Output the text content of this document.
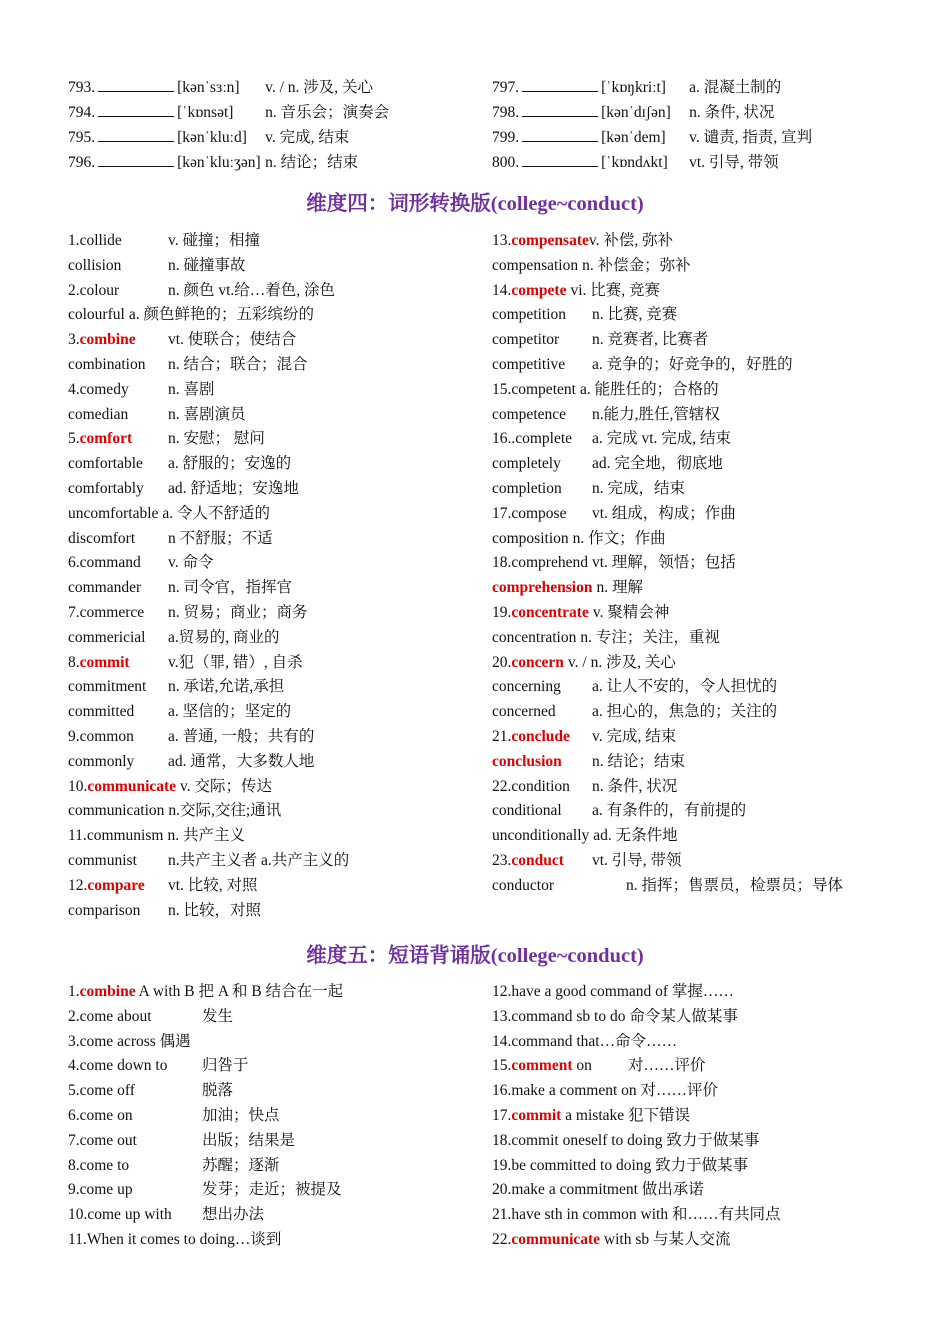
793.	[kənˈsɜːn] v. / n. 涉及, 关心
794.	[ˈkɒnsət] n. 音乐会；演奏会
795.	[kənˈkluːd] v. 完成, 结束
796.	[kənˈkluːʒən] n. 结论；结束
797.	[ˈkɒŋkriːt] a. 混凝土制的
798.	[kənˈdɪʃən] n. 条件, 状况
799.	[kənˈdem] v. 谴责, 指责, 宣判
800.	[ˈkɒndʌkt] vt. 引导, 带领
维度四：词形转换版(college~conduct)
1.collide	v. 碰撞；相撞
collision	n. 碰撞事故
2.colour	n. 颜色 vt.给…着色, 涂色
colourful a. 颜色鲜艳的；五彩缤纷的
3.combine vt. 使联合；使结合
combination n. 结合；联合；混合
4.comedy	n. 喜剧
comedian	n. 喜剧演员
5.comfort n. 安慰； 慰问
comfortable a. 舒服的；安逸的
comfortably ad. 舒适地；安逸地
uncomfortable a. 令人不舒适的
discomfort n 不舒服；不适
6.command v. 命令
commander n. 司令官，指挥官
7.commerce n. 贸易；商业；商务
commericial a.贸易的, 商业的
8.commit v.犯（罪, 错）, 自杀
commitment n. 承诺,允诺,承担
committed a. 坚信的；坚定的
9.common a. 普通, 一般；共有的
commonly ad. 通常，大多数人地
10.communicate v. 交际；传达
communication n.交际,交往;通讯
11.communism n. 共产主义
communist n.共产主义者 a.共产主义的
12.compare vt. 比较, 对照
comparison n. 比较，对照
13.compensatev. 补偿, 弥补
compensation n. 补偿金；弥补
14.compete vi. 比赛, 竞赛
competition n. 比赛, 竞赛
competitor n. 竞赛者, 比赛者
competitive a. 竞争的；好竞争的，好胜的
15.competent a. 能胜任的；合格的
competence n.能力,胜任,管辖权
16..complete a. 完成 vt. 完成, 结束
completely ad. 完全地，彻底地
completion n. 完成，结束
17.compose vt. 组成，构成；作曲
composition n. 作文；作曲
18.comprehend vt. 理解，领悟；包括
comprehension n. 理解
19.concentrate v. 聚精会神
concentration n. 专注；关注，重视
20.concern v. / n. 涉及, 关心
concerning a. 让人不安的，令人担忧的
concerned a. 担心的，焦急的；关注的
21.conclude v. 完成, 结束
conclusion n. 结论；结束
22.condition n. 条件, 状况
conditional a. 有条件的，有前提的
unconditionally ad. 无条件地
23.conduct vt. 引导, 带领
conductor	n. 指挥；售票员，检票员；导体
维度五：短语背诵版(college~conduct)
1.combine A with B 把 A 和 B 结合在一起
2.come about	发生
3.come across 偶遇
4.come down to 归咎于
5.come off	脱落
6.come on	加油；快点
7.come out	出版；结果是
8.come to	苏醒；逐渐
9.come up	发芽；走近；被提及
10.come up with 想出办法
11.When it comes to doing…谈到
12.have a good command of 掌握……
13.command sb to do 命令某人做某事
14.command that…命令……
15.comment on 对……评价
16.make a comment on 对……评价
17.commit a mistake 犯下错误
18.commit oneself to doing 致力于做某事
19.be committed to doing 致力于做某事
20.make a commitment 做出承诺
21.have sth in common with 和……有共同点
22.communicate with sb 与某人交流
